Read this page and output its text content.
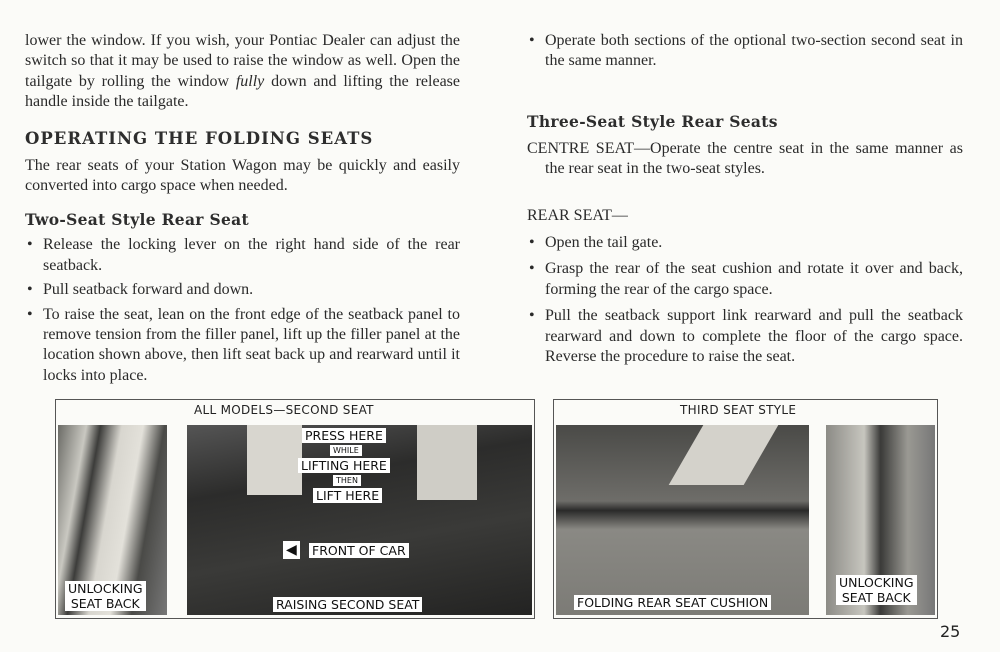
lower the window. If you wish, your Pontiac Dealer can adjust the switch so that it may be used to raise the window as well. Open the tailgate by rolling the window fully down and lifting the release handle inside the tailgate.

OPERATING THE FOLDING SEATS

The rear seats of your Station Wagon may be quickly and easily converted into cargo space when needed.

Two-Seat Style Rear Seat
• Release the locking lever on the right hand side of the rear seatback.
• Pull seatback forward and down.
• To raise the seat, lean on the front edge of the seatback panel to remove tension from the filler panel, lift up the filler panel at the location shown above, then lift seat back up and rearward until it locks into place.
• Operate both sections of the optional two-section second seat in the same manner.
Three-Seat Style Rear Seats

CENTRE SEAT—Operate the centre seat in the same manner as the rear seat in the two-seat styles.

REAR SEAT—

• Open the tail gate.
• Grasp the rear of the seat cushion and rotate it over and back, forming the rear of the cargo space.
• Pull the seatback support link rearward and pull the seatback rearward and down to complete the floor of the cargo space. Reverse the procedure to raise the seat.
ALL MODELS—SECOND SEAT
UNLOCKING
SEAT BACK
PRESS HERE
WHILE
LIFTING HERE
THEN
LIFT HERE
◀ FRONT OF CAR
RAISING SECOND SEAT
THIRD SEAT STYLE
FOLDING REAR SEAT CUSHION
UNLOCKING
SEAT BACK
25
